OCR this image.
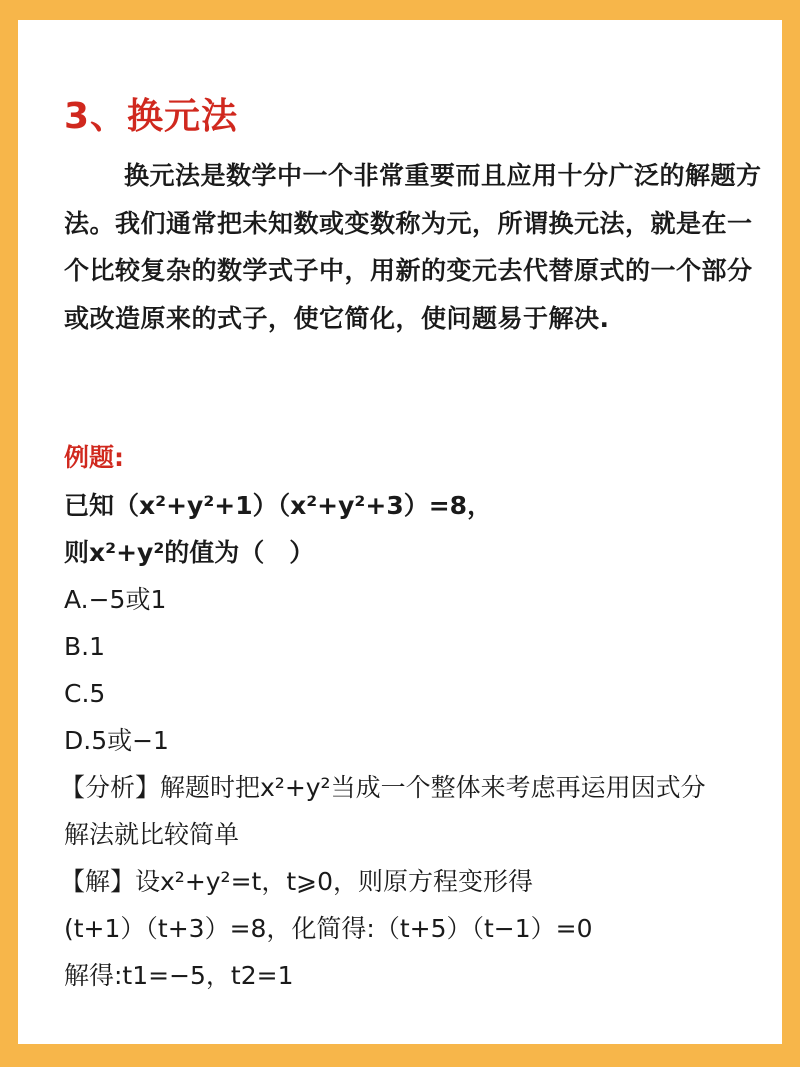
3、换元法

换元法是数学中一个非常重要而且应用十分广泛的解题方法。我们通常把未知数或变数称为元，所谓换元法，就是在一个比较复杂的数学式子中，用新的变元去代替原式的一个部分或改造原来的式子，使它简化，使问题易于解决.

例题:

已知（x²+y²+1）（x²+y²+3）=8，

则x²+y²的值为（　）

A.−5或1

B.1

C.5

D.5或−1

【分析】解题时把x²+y²当成一个整体来考虑再运用因式分

解法就比较简单

【解】设x²+y²=t，t⩾0，则原方程变形得

(t+1）（t+3）=8，化简得:（t+5）（t−1）=0

解得:t1=−5，t2=1
